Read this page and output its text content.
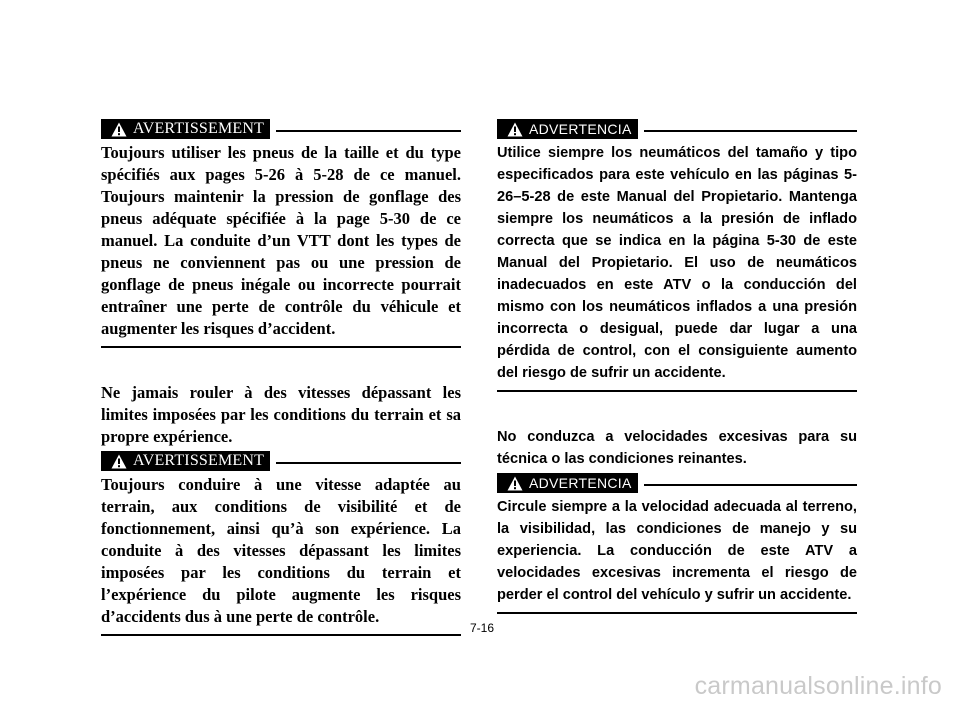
AVERTISSEMENT

Toujours utiliser les pneus de la taille et du type spécifiés aux pages 5-26 à 5-28 de ce manuel. Toujours maintenir la pression de gonflage des pneus adéquate spécifiée à la page 5-30 de ce manuel. La conduite d’un VTT dont les types de pneus ne conviennent pas ou une pression de gonflage de pneus inégale ou incorrecte pourrait entraîner une perte de contrôle du véhicule et augmenter les risques d’accident.

Ne jamais rouler à des vitesses dépassant les limites imposées par les conditions du terrain et sa propre expérience.

AVERTISSEMENT

Toujours conduire à une vitesse adaptée au terrain, aux conditions de visibilité et de fonctionnement, ainsi qu’à son expérience. La conduite à des vitesses dépassant les limites imposées par les conditions du terrain et l’expérience du pilote augmente les risques d’accidents dus à une perte de contrôle.

ADVERTENCIA

Utilice siempre los neumáticos del tamaño y tipo especificados para este vehículo en las páginas 5-26–5-28 de este Manual del Propietario. Mantenga siempre los neumáticos a la presión de inflado correcta que se indica en la página 5-30 de este Manual del Propietario. El uso de neumáticos inadecuados en este ATV o la conducción del mismo con los neumáticos inflados a una presión incorrecta o desigual, puede dar lugar a una pérdida de control, con el consiguiente aumento del riesgo de sufrir un accidente.

No conduzca a velocidades excesivas para su técnica o las condiciones reinantes.

ADVERTENCIA

Circule siempre a la velocidad adecuada al terreno, la visibilidad, las condiciones de manejo y su experiencia. La conducción de este ATV a velocidades excesivas incrementa el riesgo de perder el control del vehículo y sufrir un accidente.

7-16
carmanualsonline.info
